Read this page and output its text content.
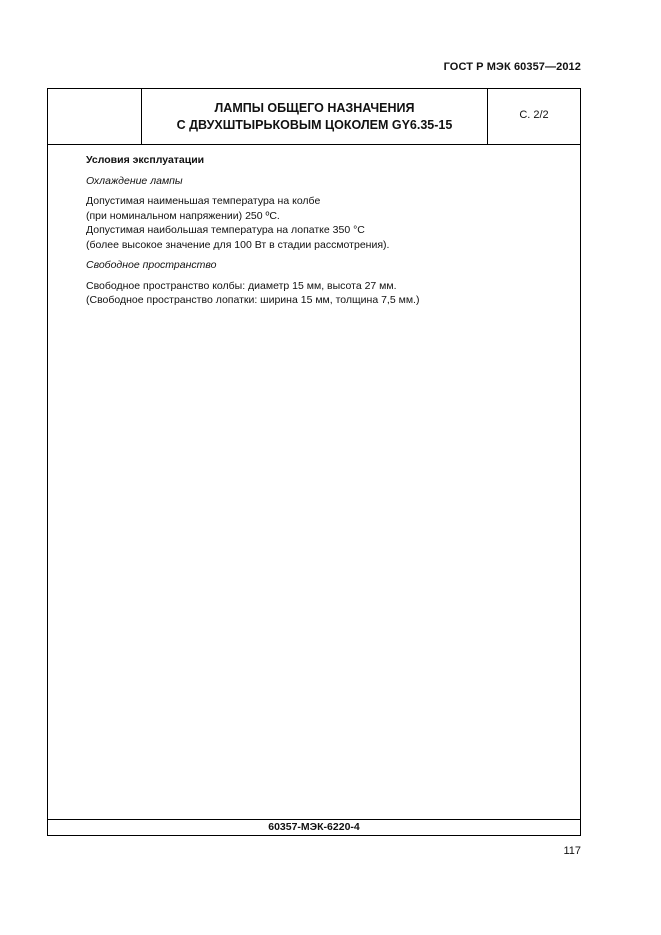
ГОСТ Р МЭК 60357—2012
ЛАМПЫ ОБЩЕГО НАЗНАЧЕНИЯ
С ДВУХШТЫРЬКОВЫМ ЦОКОЛЕМ GY6.35-15
С. 2/2
Условия эксплуатации
Охлаждение лампы
Допустимая наименьшая температура на колбе
(при номинальном напряжении) 250 ºС.
Допустимая наибольшая температура на лопатке 350 °С
(более высокое значение для 100 Вт в стадии рассмотрения).
Свободное пространство
Свободное пространство колбы: диаметр 15 мм, высота 27 мм.
(Свободное пространство лопатки: ширина 15 мм, толщина 7,5 мм.)
60357-МЭК-6220-4
117
